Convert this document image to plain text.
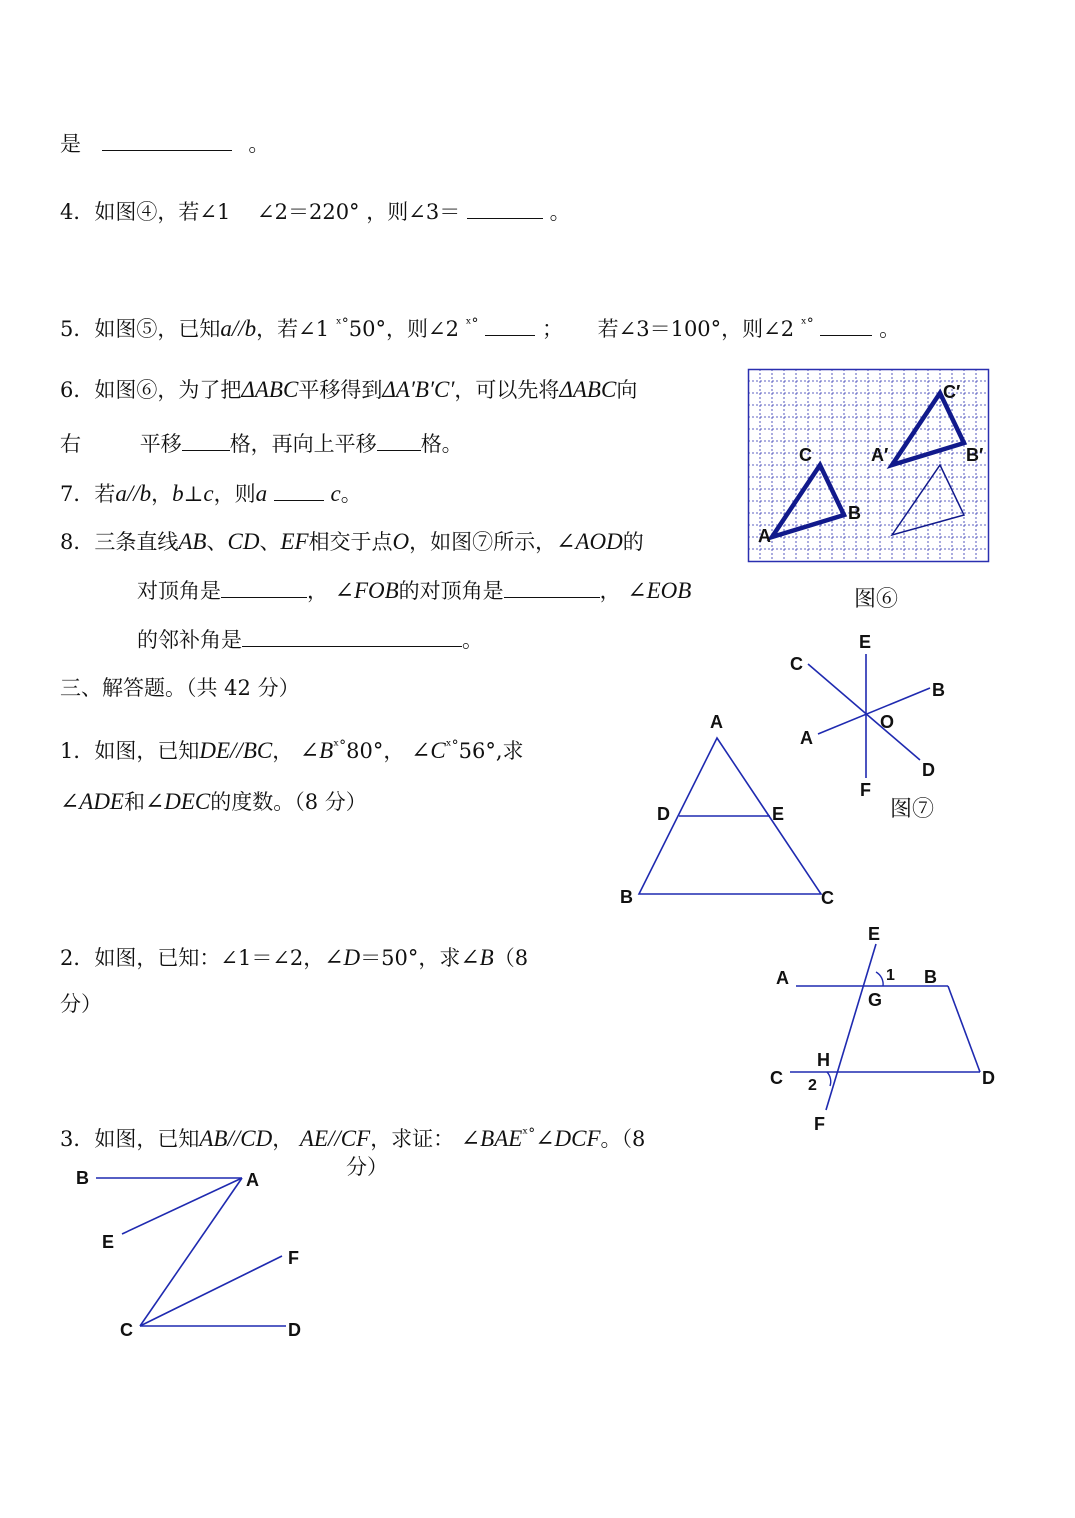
是	。
4．如图④，若∠1 ∠2＝220° ，则∠3＝	。
5．如图⑤，已知a//b，若∠1 $^{ˣ^\circ}$50°，则∠2 $^{ˣ^\circ}$	； 若∠3＝100°，则∠2 $^{ˣ^\circ}$	。
6．如图⑥，为了把ΔABC平移得到ΔA′B′C′，可以先将ΔABC向
右	平移 格，再向上平移 格。
7．若a//b，b⊥c，则a	c。
8．三条直线AB、CD、EF相交于点O，如图⑦所示，∠AOD的
对顶角是	， ∠FOB的对顶角是	， ∠EOB
的邻补角是	。
三、解答题。（共 42 分）
1．如图，已知DE//BC， $\angle B^{ˣ^\circ}80^\circ$， $\angle C^{ˣ^\circ}56^\circ$,求
∠ADE和∠DEC的度数。（8 分）
2．如图，已知：∠1＝∠2，∠D＝50°，求∠B（8
分）
3．如图，已知AB//CD， AE//CF，求证： $\angle BAE^{ˣ^\circ}\angle DCF$。（8
分）
A
C
B
A′
C′
B′
图⑥
E
C
B
O
A
D
F
图⑦
A
D	E
B	C
E
1
A	B
G
H
C 2	D
F
B	A
E
F
C	D
